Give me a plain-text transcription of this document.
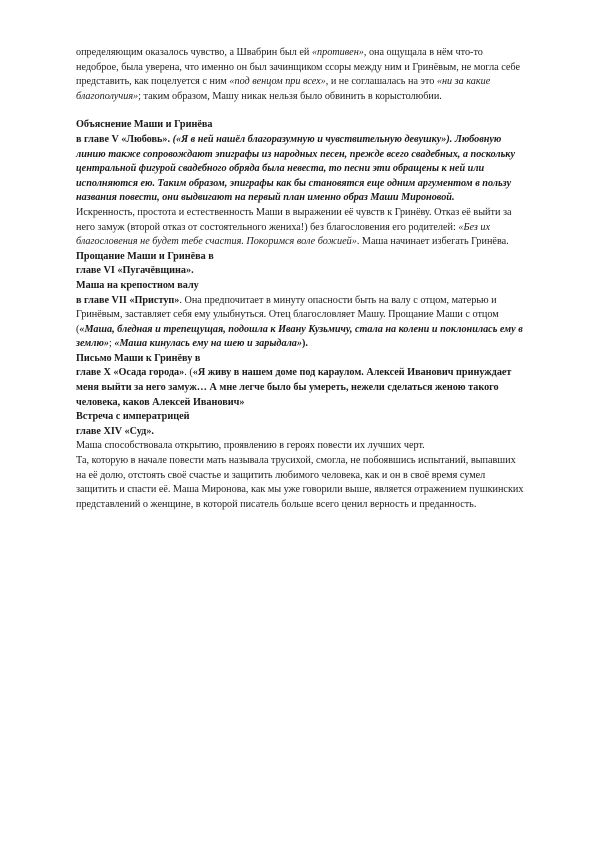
определяющим оказалось чувство, а Швабрин был ей «противен», она ощущала в нём что-то недоброе, была уверена, что именно он был зачинщиком ссоры между ним и Гринёвым, не могла себе представить, как поцелуется с ним «под венцом при всех», и не соглашалась на это «ни за какие благополучия»; таким образом, Машу никак нельзя было обвинить в корыстолюбии.

Объяснение Маши и Гринёва

в главе V «Любовь». («Я в ней нашёл благоразумную и чувствительную девушку»). Любовную линию также сопровождают эпиграфы из народных песен, прежде всего свадебных, а поскольку центральной фигурой свадебного обряда была невеста, то песни эти обращены к ней или исполняются ею. Таким образом, эпиграфы как бы становятся еще одним аргументом в пользу названия повести, они выдвигают на первый план именно образ Маши Мироновой.

Искренность, простота и естественность Маши в выражении её чувств к Гринёву. Отказ её выйти за него замуж (второй отказ от состоятельного жениха!) без благословения его родителей: «Без их благословения не будет тебе счастия. Покоримся воле божией». Маша начинает избегать Гринёва.

Прощание Маши и Гринёва в

главе VI «Пугачёвщина».

Маша на крепостном валу

в главе VII «Приступ». Она предпочитает в минуту опасности быть на валу с отцом, матерью и Гринёвым, заставляет себя ему улыбнуться. Отец благословляет Машу. Прощание Маши с отцом («Маша, бледная и трепещущая, подошла к Ивану Кузьмичу, стала на колени и поклонилась ему в землю»; «Маша кинулась ему на шею и зарыдала»).

Письмо Маши к Гринёву в

главе X «Осада города». («Я живу в нашем доме под караулом. Алексей Иванович принуждает меня выйти за него замуж… А мне легче было бы умереть, нежели сделаться женою такого человека, каков Алексей Иванович»

Встреча с императрицей

главе XIV «Суд».

Маша способствовала открытию, проявлению в героях повести их лучших черт.

Та, которую в начале повести мать называла трусихой, смогла, не побоявшись испытаний, выпавших на её долю, отстоять своё счастье и защитить любимого человека, как и он в своё время сумел защитить и спасти её. Маша Миронова, как мы уже говорили выше, является отражением пушкинских представлений о женщине, в которой писатель больше всего ценил верность и преданность.
